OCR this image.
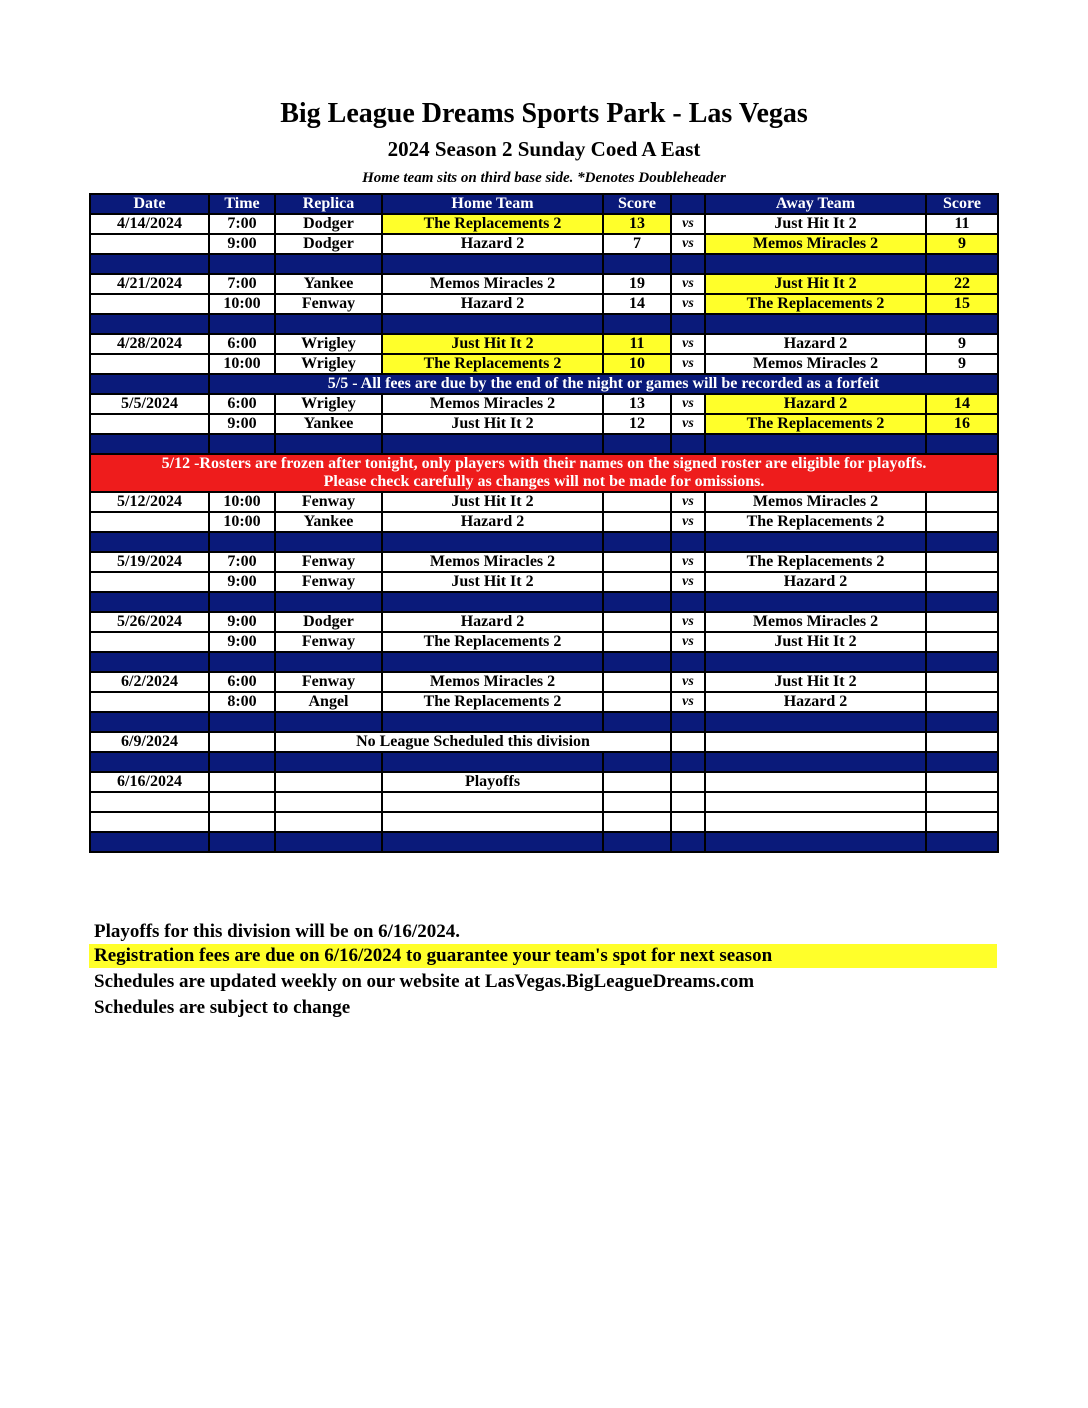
Big League Dreams Sports Park - Las Vegas
2024 Season 2 Sunday Coed A East
Home team sits on third base side. *Denotes Doubleheader
Date	Time	Replica	Home Team	Score		Away Team	Score
4/14/2024	7:00	Dodger	The Replacements 2	13	vs	Just Hit It 2	11
	9:00	Dodger	Hazard 2	7	vs	Memos Miracles 2	9

4/21/2024	7:00	Yankee	Memos Miracles 2	19	vs	Just Hit It 2	22
	10:00	Fenway	Hazard 2	14	vs	The Replacements 2	15

4/28/2024	6:00	Wrigley	Just Hit It 2	11	vs	Hazard 2	9
	10:00	Wrigley	The Replacements 2	10	vs	Memos Miracles 2	9
	5/5 - All fees are due by the end of the night or games will be recorded as a forfeit						
5/5/2024	6:00	Wrigley	Memos Miracles 2	13	vs	Hazard 2	14
	9:00	Yankee	Just Hit It 2	12	vs	The Replacements 2	16

5/12 -Rosters are frozen after tonight, only players with their names on the signed roster are eligible for playoffs.
Please check carefully as changes will not be made for omissions.							

5/12/2024	10:00	Fenway	Just Hit It 2		vs	Memos Miracles 2	
	10:00	Yankee	Hazard 2		vs	The Replacements 2	

5/19/2024	7:00	Fenway	Memos Miracles 2		vs	The Replacements 2	
	9:00	Fenway	Just Hit It 2		vs	Hazard 2	

5/26/2024	9:00	Dodger	Hazard 2		vs	Memos Miracles 2	
	9:00	Fenway	The Replacements 2		vs	Just Hit It 2	

6/2/2024	6:00	Fenway	Memos Miracles 2		vs	Just Hit It 2	
	8:00	Angel	The Replacements 2		vs	Hazard 2	

6/9/2024		No League Scheduled this division					

6/16/2024			Playoffs				

Playoffs for this division will be on 6/16/2024.
Registration fees are due on 6/16/2024 to guarantee your team's spot for next season
Schedules are updated weekly on our website at LasVegas.BigLeagueDreams.com
Schedules are subject to change
